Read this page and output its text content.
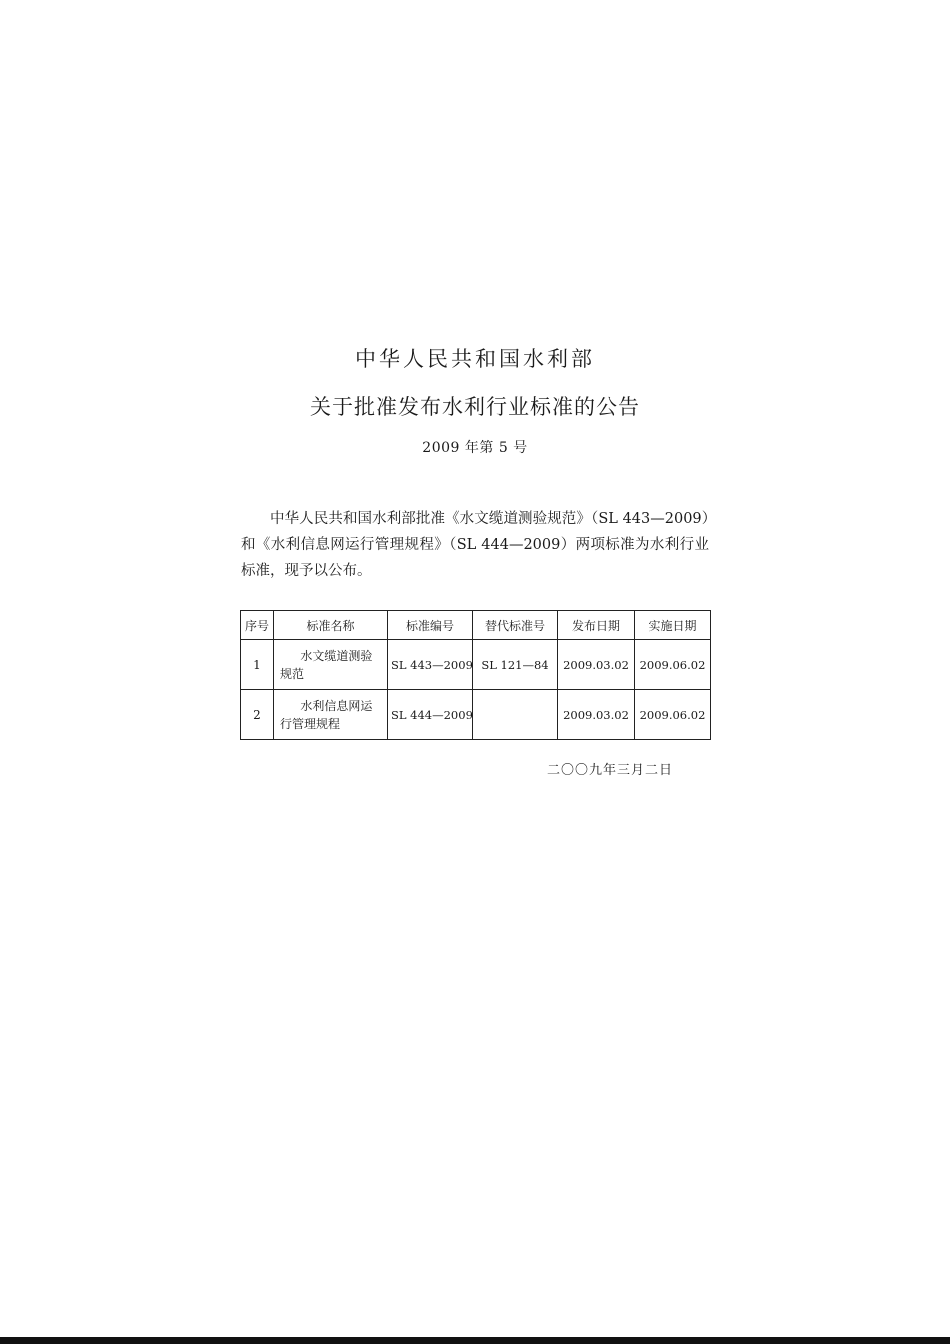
中华人民共和国水利部
关于批准发布水利行业标准的公告
2009 年第 5 号

中华人民共和国水利部批准《水文缆道测验规范》（SL 443—2009）和《水利信息网运行管理规程》（SL 444—2009）两项标准为水利行业标准，现予以公布。

序号	标准名称	标准编号	替代标准号	发布日期	实施日期
1	水文缆道测验规范	SL 443—2009	SL 121—84	2009.03.02	2009.06.02
2	水利信息网运行管理规程	SL 444—2009		2009.03.02	2009.06.02
二〇〇九年三月二日
